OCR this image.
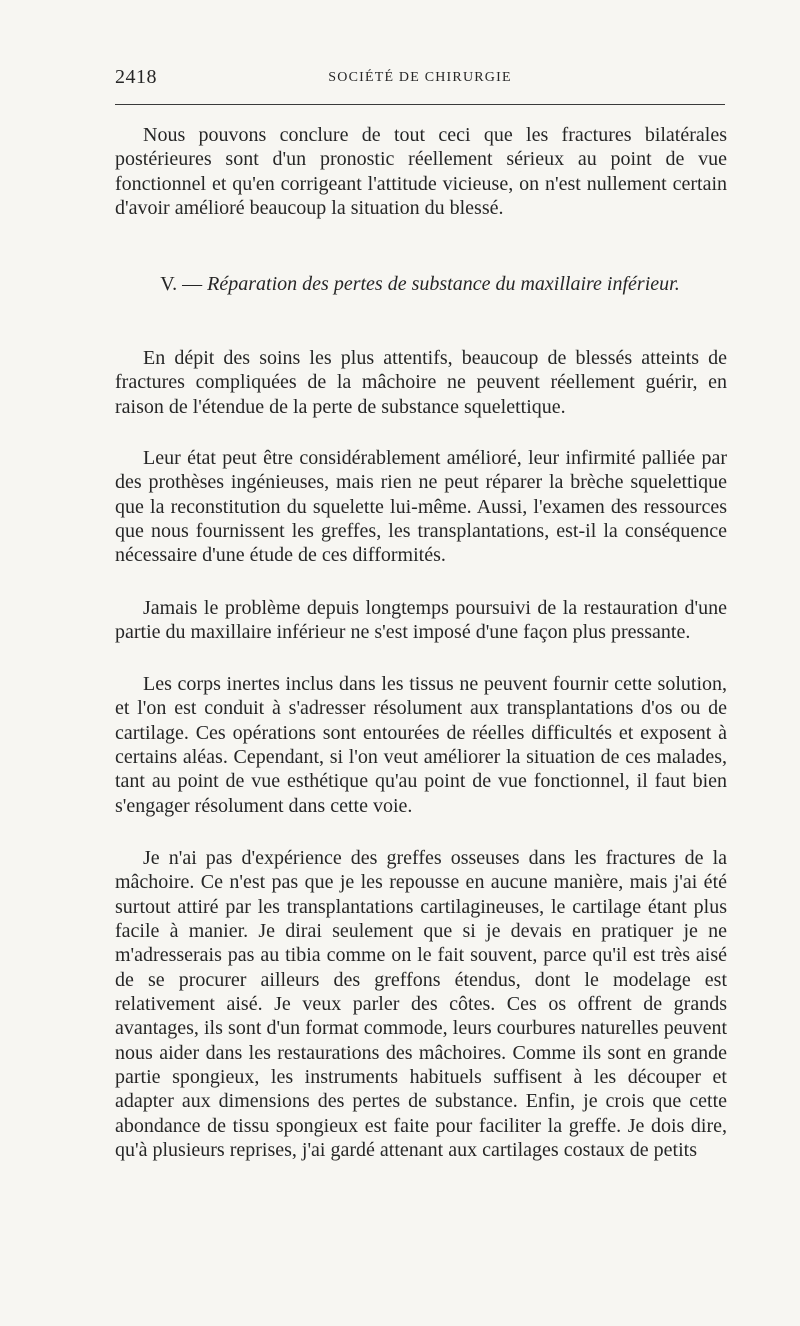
2418	SOCIÉTÉ DE CHIRURGIE

Nous pouvons conclure de tout ceci que les fractures bilatérales postérieures sont d'un pronostic réellement sérieux au point de vue fonctionnel et qu'en corrigeant l'attitude vicieuse, on n'est nullement certain d'avoir amélioré beaucoup la situation du blessé.

V. — Réparation des pertes de substance du maxillaire inférieur.

En dépit des soins les plus attentifs, beaucoup de blessés atteints de fractures compliquées de la mâchoire ne peuvent réellement guérir, en raison de l'étendue de la perte de substance squelettique.

Leur état peut être considérablement amélioré, leur infirmité palliée par des prothèses ingénieuses, mais rien ne peut réparer la brèche squelettique que la reconstitution du squelette lui-même. Aussi, l'examen des ressources que nous fournissent les greffes, les transplantations, est-il la conséquence nécessaire d'une étude de ces difformités.

Jamais le problème depuis longtemps poursuivi de la restauration d'une partie du maxillaire inférieur ne s'est imposé d'une façon plus pressante.

Les corps inertes inclus dans les tissus ne peuvent fournir cette solution, et l'on est conduit à s'adresser résolument aux transplantations d'os ou de cartilage. Ces opérations sont entourées de réelles difficultés et exposent à certains aléas. Cependant, si l'on veut améliorer la situation de ces malades, tant au point de vue esthétique qu'au point de vue fonctionnel, il faut bien s'engager résolument dans cette voie.

Je n'ai pas d'expérience des greffes osseuses dans les fractures de la mâchoire. Ce n'est pas que je les repousse en aucune manière, mais j'ai été surtout attiré par les transplantations cartilagineuses, le cartilage étant plus facile à manier. Je dirai seulement que si je devais en pratiquer je ne m'adresserais pas au tibia comme on le fait souvent, parce qu'il est très aisé de se procurer ailleurs des greffons étendus, dont le modelage est relativement aisé. Je veux parler des côtes. Ces os offrent de grands avantages, ils sont d'un format commode, leurs courbures naturelles peuvent nous aider dans les restaurations des mâchoires. Comme ils sont en grande partie spongieux, les instruments habituels suffisent à les découper et adapter aux dimensions des pertes de substance. Enfin, je crois que cette abondance de tissu spongieux est faite pour faciliter la greffe. Je dois dire, qu'à plusieurs reprises, j'ai gardé attenant aux cartilages costaux de petits
